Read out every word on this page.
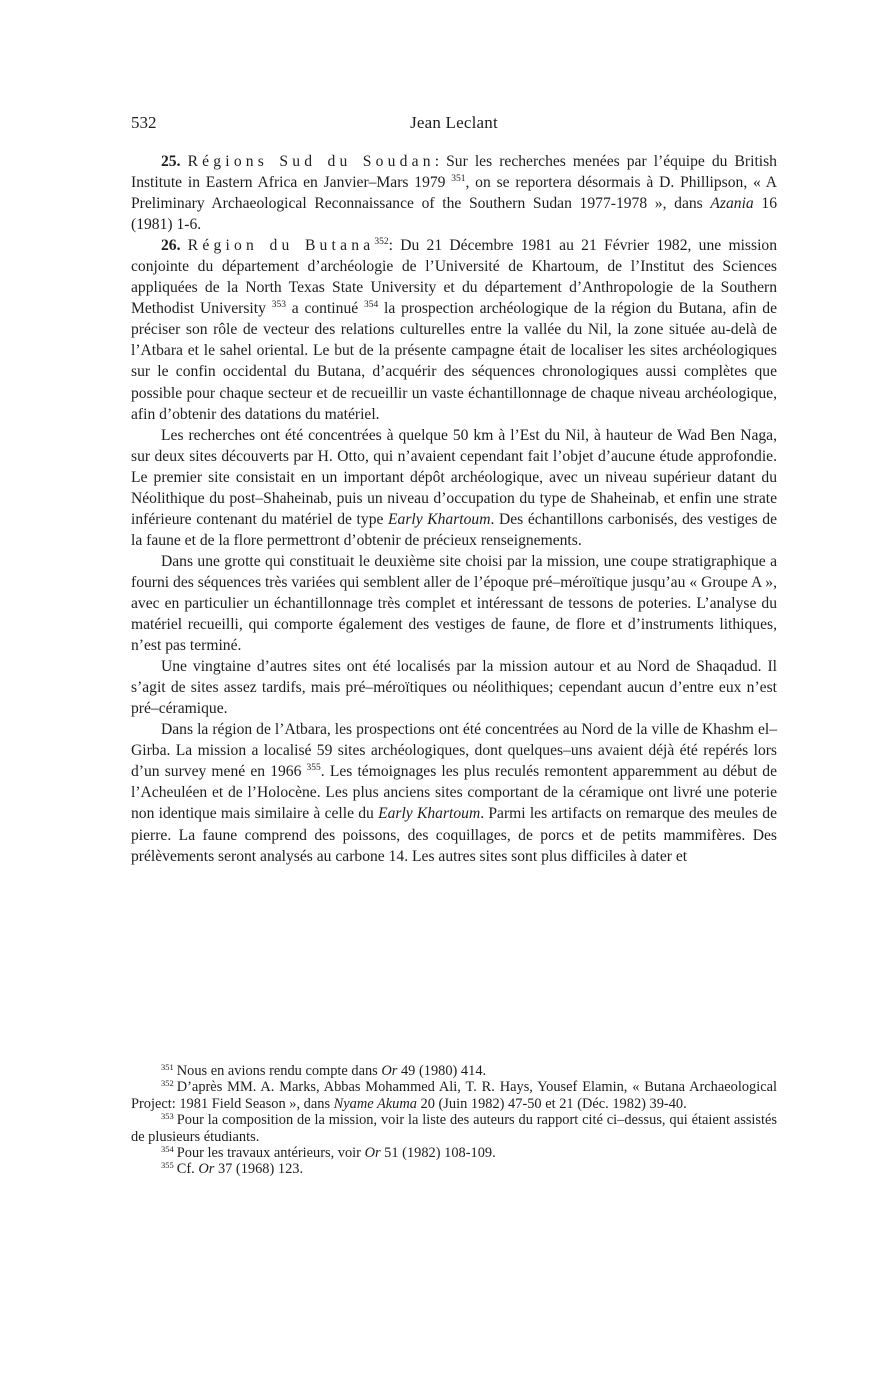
532	Jean Leclant

25. Régions Sud du Soudan: Sur les recherches menées par l’équipe du British Institute in Eastern Africa en Janvier–Mars 1979 $^{351}$, on se reportera désormais à D. Phillipson, « A Preliminary Archaeological Reconnaissance of the Southern Sudan 1977-1978 », dans Azania 16 (1981) 1-6.

26. Région du Butana$^{352}$: Du 21 Décembre 1981 au 21 Février 1982, une mission conjointe du département d’archéologie de l’Université de Khartoum, de l’Institut des Sciences appliquées de la North Texas State University et du département d’Anthropologie de la Southern Methodist University $^{353}$ a continué $^{354}$ la prospection archéologique de la région du Butana, afin de préciser son rôle de vecteur des relations culturelles entre la vallée du Nil, la zone située au-delà de l’Atbara et le sahel oriental. Le but de la présente campagne était de localiser les sites archéologiques sur le confin occidental du Butana, d’acquérir des séquences chronologiques aussi complètes que possible pour chaque secteur et de recueillir un vaste échantillonnage de chaque niveau archéologique, afin d’obtenir des datations du matériel.

Les recherches ont été concentrées à quelque 50 km à l’Est du Nil, à hauteur de Wad Ben Naga, sur deux sites découverts par H. Otto, qui n’avaient cependant fait l’objet d’aucune étude approfondie. Le premier site consistait en un important dépôt archéologique, avec un niveau supérieur datant du Néolithique du post–Shaheinab, puis un niveau d’occupation du type de Shaheinab, et enfin une strate inférieure contenant du matériel de type Early Khartoum. Des échantillons carbonisés, des vestiges de la faune et de la flore permettront d’obtenir de précieux renseignements.

Dans une grotte qui constituait le deuxième site choisi par la mission, une coupe stratigraphique a fourni des séquences très variées qui semblent aller de l’époque pré–méroïtique jusqu’au « Groupe A », avec en particulier un échantillonnage très complet et intéressant de tessons de poteries. L’analyse du matériel recueilli, qui comporte également des vestiges de faune, de flore et d’instruments lithiques, n’est pas terminé.

Une vingtaine d’autres sites ont été localisés par la mission autour et au Nord de Shaqadud. Il s’agit de sites assez tardifs, mais pré–méroïtiques ou néolithiques; cependant aucun d’entre eux n’est pré–céramique.

Dans la région de l’Atbara, les prospections ont été concentrées au Nord de la ville de Khashm el–Girba. La mission a localisé 59 sites archéologiques, dont quelques–uns avaient déjà été repérés lors d’un survey mené en 1966 $^{355}$. Les témoignages les plus reculés remontent apparemment au début de l’Acheuléen et de l’Holocène. Les plus anciens sites comportant de la céramique ont livré une poterie non identique mais similaire à celle du Early Khartoum. Parmi les artifacts on remarque des meules de pierre. La faune comprend des poissons, des coquillages, de porcs et de petits mammifères. Des prélèvements seront analysés au carbone 14. Les autres sites sont plus difficiles à dater et

$^{351}$ Nous en avions rendu compte dans Or 49 (1980) 414.

$^{352}$ D’après MM. A. Marks, Abbas Mohammed Ali, T. R. Hays, Yousef Elamin, « Butana Archaeological Project: 1981 Field Season », dans Nyame Akuma 20 (Juin 1982) 47-50 et 21 (Déc. 1982) 39-40.

$^{353}$ Pour la composition de la mission, voir la liste des auteurs du rapport cité ci–dessus, qui étaient assistés de plusieurs étudiants.

$^{354}$ Pour les travaux antérieurs, voir Or 51 (1982) 108-109.

$^{355}$ Cf. Or 37 (1968) 123.
